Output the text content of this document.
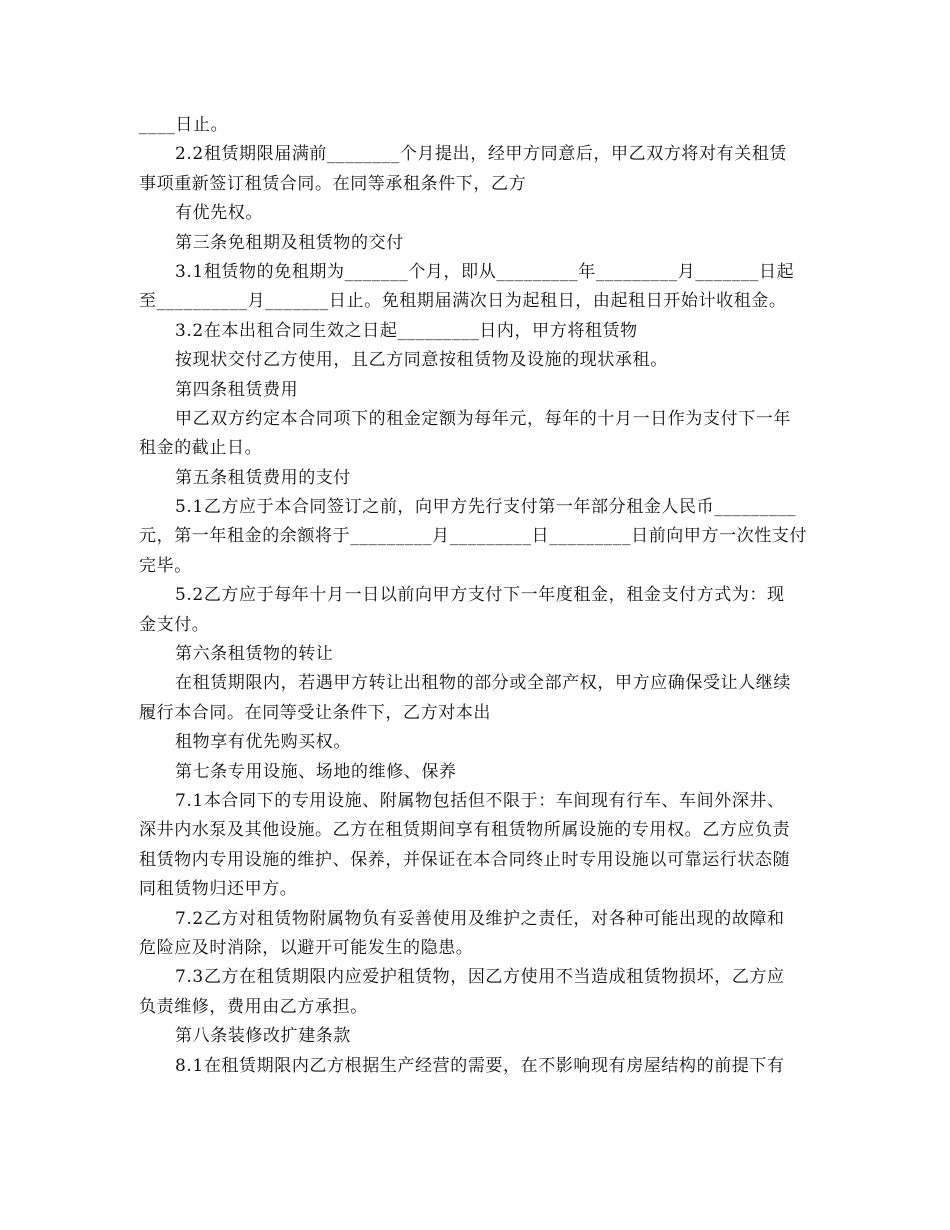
____日止。
2.2租赁期限届满前________个月提出，经甲方同意后，甲乙双方将对有关租赁
事项重新签订租赁合同。在同等承租条件下，乙方
有优先权。
第三条免租期及租赁物的交付
3.1租赁物的免租期为_______个月，即从_________年_________月_______日起
至__________月_______日止。免租期届满次日为起租日，由起租日开始计收租金。
3.2在本出租合同生效之日起_________日内，甲方将租赁物
按现状交付乙方使用，且乙方同意按租赁物及设施的现状承租。
第四条租赁费用
甲乙双方约定本合同项下的租金定额为每年元，每年的十月一日作为支付下一年
租金的截止日。
第五条租赁费用的支付
5.1乙方应于本合同签订之前，向甲方先行支付第一年部分租金人民币_________
元，第一年租金的余额将于_________月_________日_________日前向甲方一次性支付
完毕。
5.2乙方应于每年十月一日以前向甲方支付下一年度租金，租金支付方式为：现
金支付。
第六条租赁物的转让
在租赁期限内，若遇甲方转让出租物的部分或全部产权，甲方应确保受让人继续
履行本合同。在同等受让条件下，乙方对本出
租物享有优先购买权。
第七条专用设施、场地的维修、保养
7.1本合同下的专用设施、附属物包括但不限于：车间现有行车、车间外深井、
深井内水泵及其他设施。乙方在租赁期间享有租赁物所属设施的专用权。乙方应负责
租赁物内专用设施的维护、保养，并保证在本合同终止时专用设施以可靠运行状态随
同租赁物归还甲方。
7.2乙方对租赁物附属物负有妥善使用及维护之责任，对各种可能出现的故障和
危险应及时消除，以避开可能发生的隐患。
7.3乙方在租赁期限内应爱护租赁物，因乙方使用不当造成租赁物损坏，乙方应
负责维修，费用由乙方承担。
第八条装修改扩建条款
8.1在租赁期限内乙方根据生产经营的需要，在不影响现有房屋结构的前提下有
